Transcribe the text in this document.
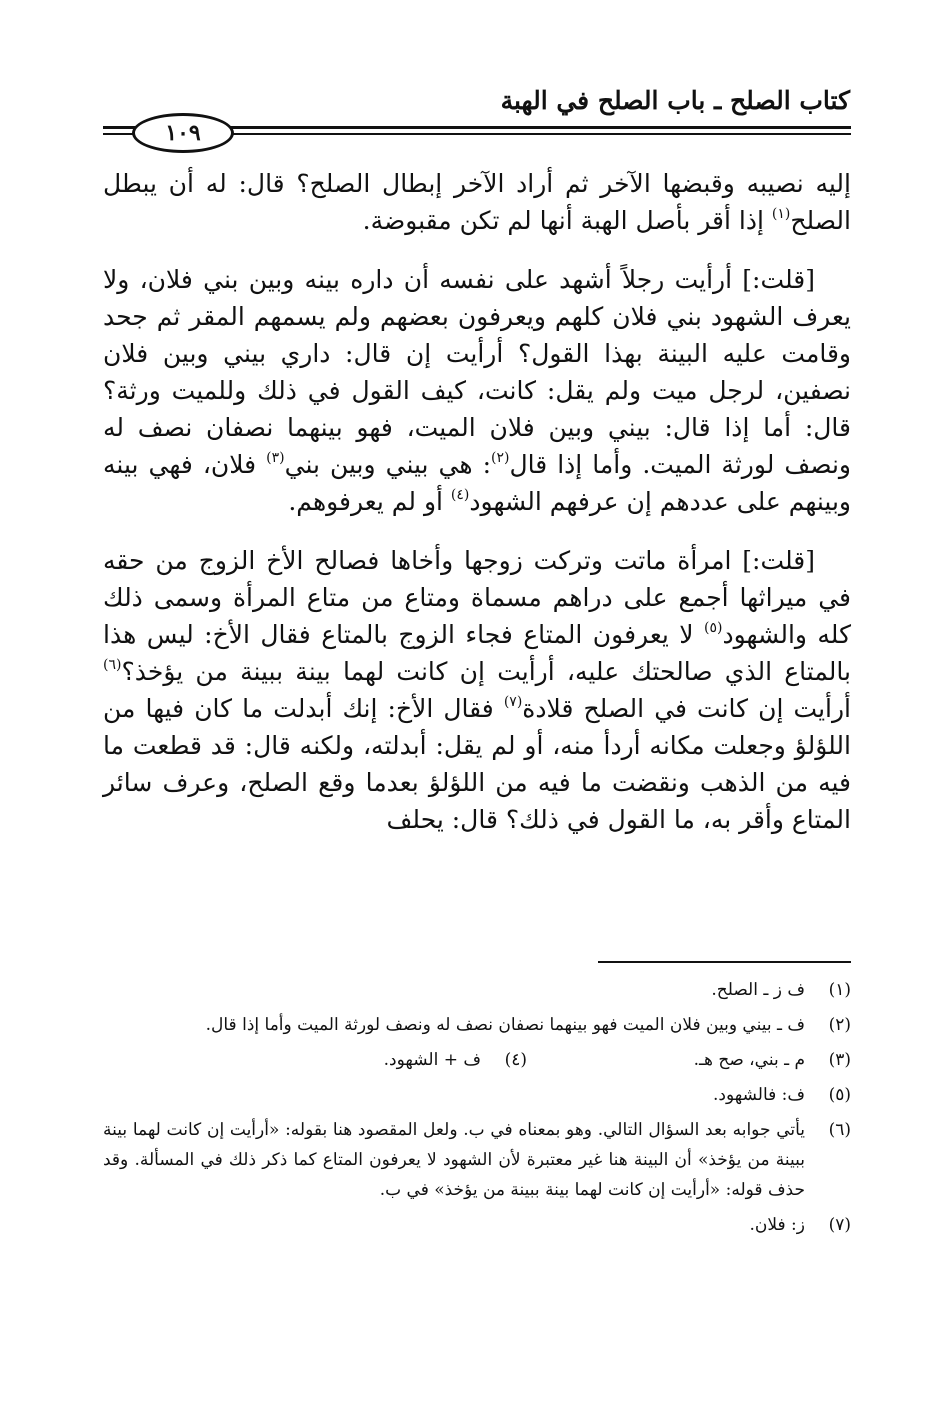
كتاب الصلح ـ باب الصلح في الهبة
١٠٩

إليه نصيبه وقبضها الآخر ثم أراد الآخر إبطال الصلح؟ قال: له أن يبطل الصلح$^{(١)}$ إذا أقر بأصل الهبة أنها لم تكن مقبوضة.

[قلت:] أرأيت رجلاً أشهد على نفسه أن داره بينه وبين بني فلان، ولا يعرف الشهود بني فلان كلهم ويعرفون بعضهم ولم يسمهم المقر ثم جحد وقامت عليه البينة بهذا القول؟ أرأيت إن قال: داري بيني وبين فلان نصفين، لرجل ميت ولم يقل: كانت، كيف القول في ذلك وللميت ورثة؟ قال: أما إذا قال: بيني وبين فلان الميت، فهو بينهما نصفان نصف له ونصف لورثة الميت. وأما إذا قال$^{(٢)}$: هي بيني وبين بني$^{(٣)}$ فلان، فهي بينه وبينهم على عددهم إن عرفهم الشهود$^{(٤)}$ أو لم يعرفوهم.

[قلت:] امرأة ماتت وتركت زوجها وأخاها فصالح الأخ الزوج من حقه في ميراثها أجمع على دراهم مسماة ومتاع من متاع المرأة وسمى ذلك كله والشهود$^{(٥)}$ لا يعرفون المتاع فجاء الزوج بالمتاع فقال الأخ: ليس هذا بالمتاع الذي صالحتك عليه، أرأيت إن كانت لهما بينة ببينة من يؤخذ؟$^{(٦)}$ أرأيت إن كانت في الصلح قلادة$^{(٧)}$ فقال الأخ: إنك أبدلت ما كان فيها من اللؤلؤ وجعلت مكانه أردأ منه، أو لم يقل: أبدلته، ولكنه قال: قد قطعت ما فيه من الذهب ونقضت ما فيه من اللؤلؤ بعدما وقع الصلح، وعرف سائر المتاع وأقر به، ما القول في ذلك؟ قال: يحلف

(١)
ف ز ـ الصلح.
(٢)
ف ـ بيني وبين فلان الميت فهو بينهما نصفان نصف له ونصف لورثة الميت وأما إذا قال.
(٣)
م ـ بني، صح هـ.
(٤)
ف + الشهود.
(٥)
ف: فالشهود.
(٦)
يأتي جوابه بعد السؤال التالي. وهو بمعناه في ب. ولعل المقصود هنا بقوله: «أرأيت إن كانت لهما بينة ببينة من يؤخذ» أن البينة هنا غير معتبرة لأن الشهود لا يعرفون المتاع كما ذكر ذلك في المسألة. وقد حذف قوله: «أرأيت إن كانت لهما بينة ببينة من يؤخذ» في ب.
(٧)
ز: فلان.
